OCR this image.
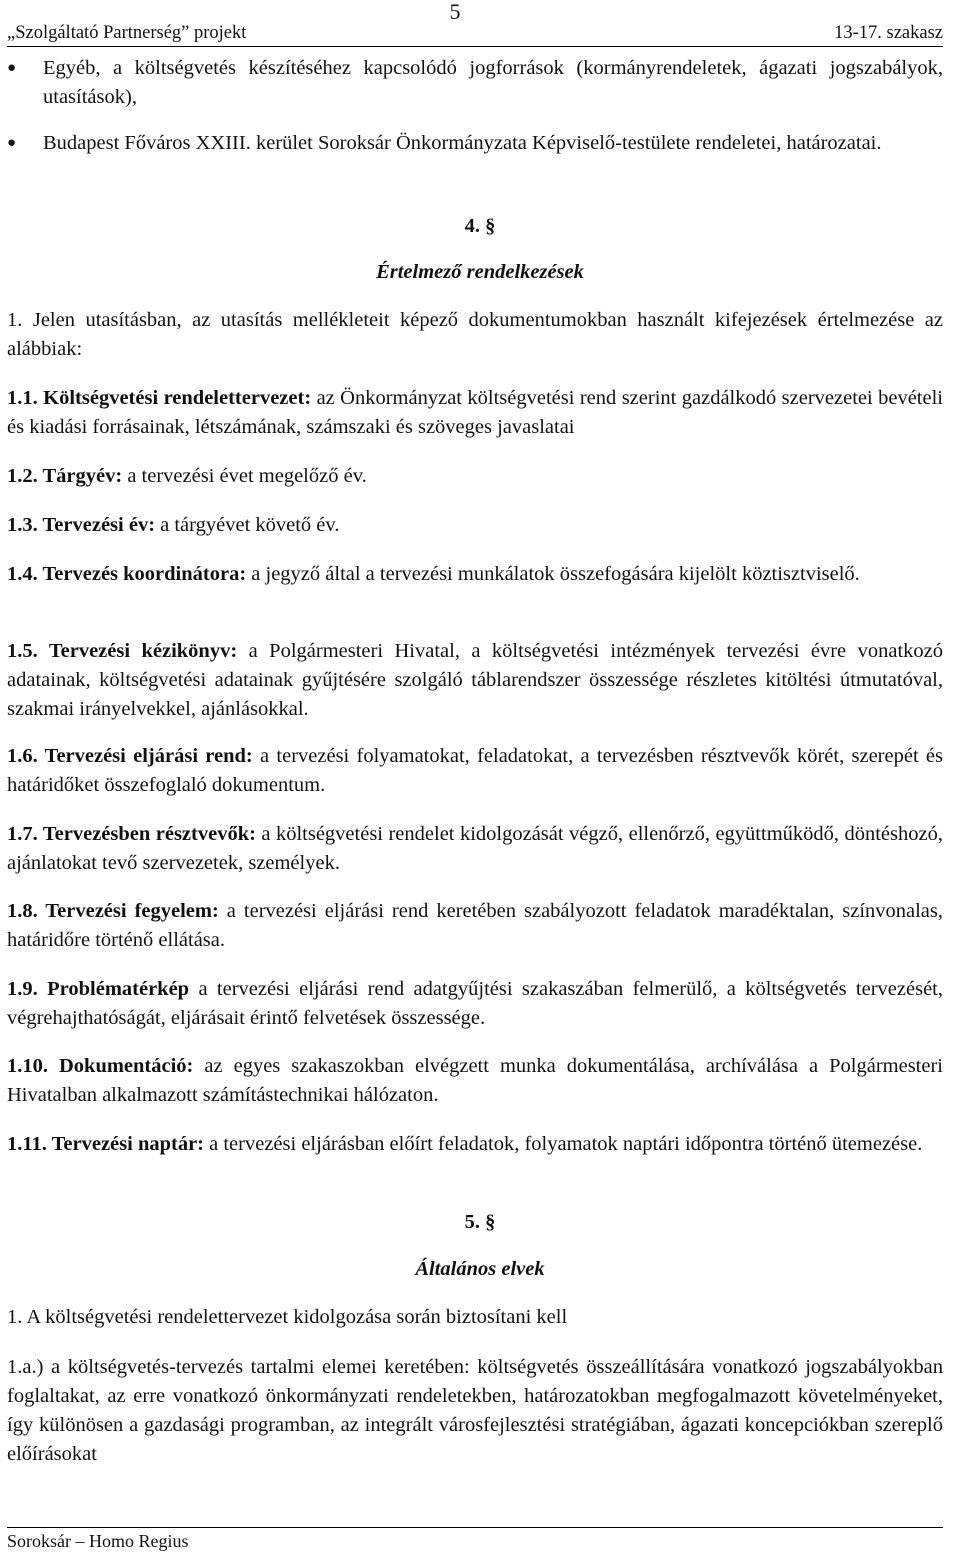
5
„Szolgáltató Partnerség” projekt	13-17. szakasz
●	Egyéb, a költségvetés készítéséhez kapcsolódó jogforrások (kormányrendeletek, ágazati jogszabályok, utasítások),
●	Budapest Főváros XXIII. kerület Soroksár Önkormányzata Képviselő-testülete rendeletei, határozatai.
4. §
Értelmező rendelkezések
1. Jelen utasításban, az utasítás mellékleteit képező dokumentumokban használt kifejezések értelmezése az alábbiak:
1.1. Költségvetési rendelettervezet: az Önkormányzat költségvetési rend szerint gazdálkodó szervezetei bevételi és kiadási forrásainak, létszámának, számszaki és szöveges javaslatai
1.2. Tárgyév: a tervezési évet megelőző év.
1.3. Tervezési év: a tárgyévet követő év.
1.4. Tervezés koordinátora: a jegyző által a tervezési munkálatok összefogására kijelölt köztisztviselő.
1.5. Tervezési kézikönyv: a Polgármesteri Hivatal, a költségvetési intézmények tervezési évre vonatkozó adatainak, költségvetési adatainak gyűjtésére szolgáló táblarendszer összessége részletes kitöltési útmutatóval, szakmai irányelvekkel, ajánlásokkal.
1.6. Tervezési eljárási rend: a tervezési folyamatokat, feladatokat, a tervezésben résztvevők körét, szerepét és határidőket összefoglaló dokumentum.
1.7. Tervezésben résztvevők: a költségvetési rendelet kidolgozását végző, ellenőrző, együttműködő, döntéshozó, ajánlatokat tevő szervezetek, személyek.
1.8. Tervezési fegyelem: a tervezési eljárási rend keretében szabályozott feladatok maradéktalan, színvonalas, határidőre történő ellátása.
1.9. Problématérkép a tervezési eljárási rend adatgyűjtési szakaszában felmerülő, a költségvetés tervezését, végrehajthatóságát, eljárásait érintő felvetések összessége.
1.10. Dokumentáció: az egyes szakaszokban elvégzett munka dokumentálása, archíválása a Polgármesteri Hivatalban alkalmazott számítástechnikai hálózaton.
1.11. Tervezési naptár: a tervezési eljárásban előírt feladatok, folyamatok naptári időpontra történő ütemezése.
5. §
Általános elvek
1. A költségvetési rendelettervezet kidolgozása során biztosítani kell
1.a.) a költségvetés-tervezés tartalmi elemei keretében: költségvetés összeállítására vonatkozó jogszabályokban foglaltakat, az erre vonatkozó önkormányzati rendeletekben, határozatokban megfogalmazott követelményeket, így különösen a gazdasági programban, az integrált városfejlesztési stratégiában, ágazati koncepciókban szereplő előírásokat
Soroksár – Homo Regius
